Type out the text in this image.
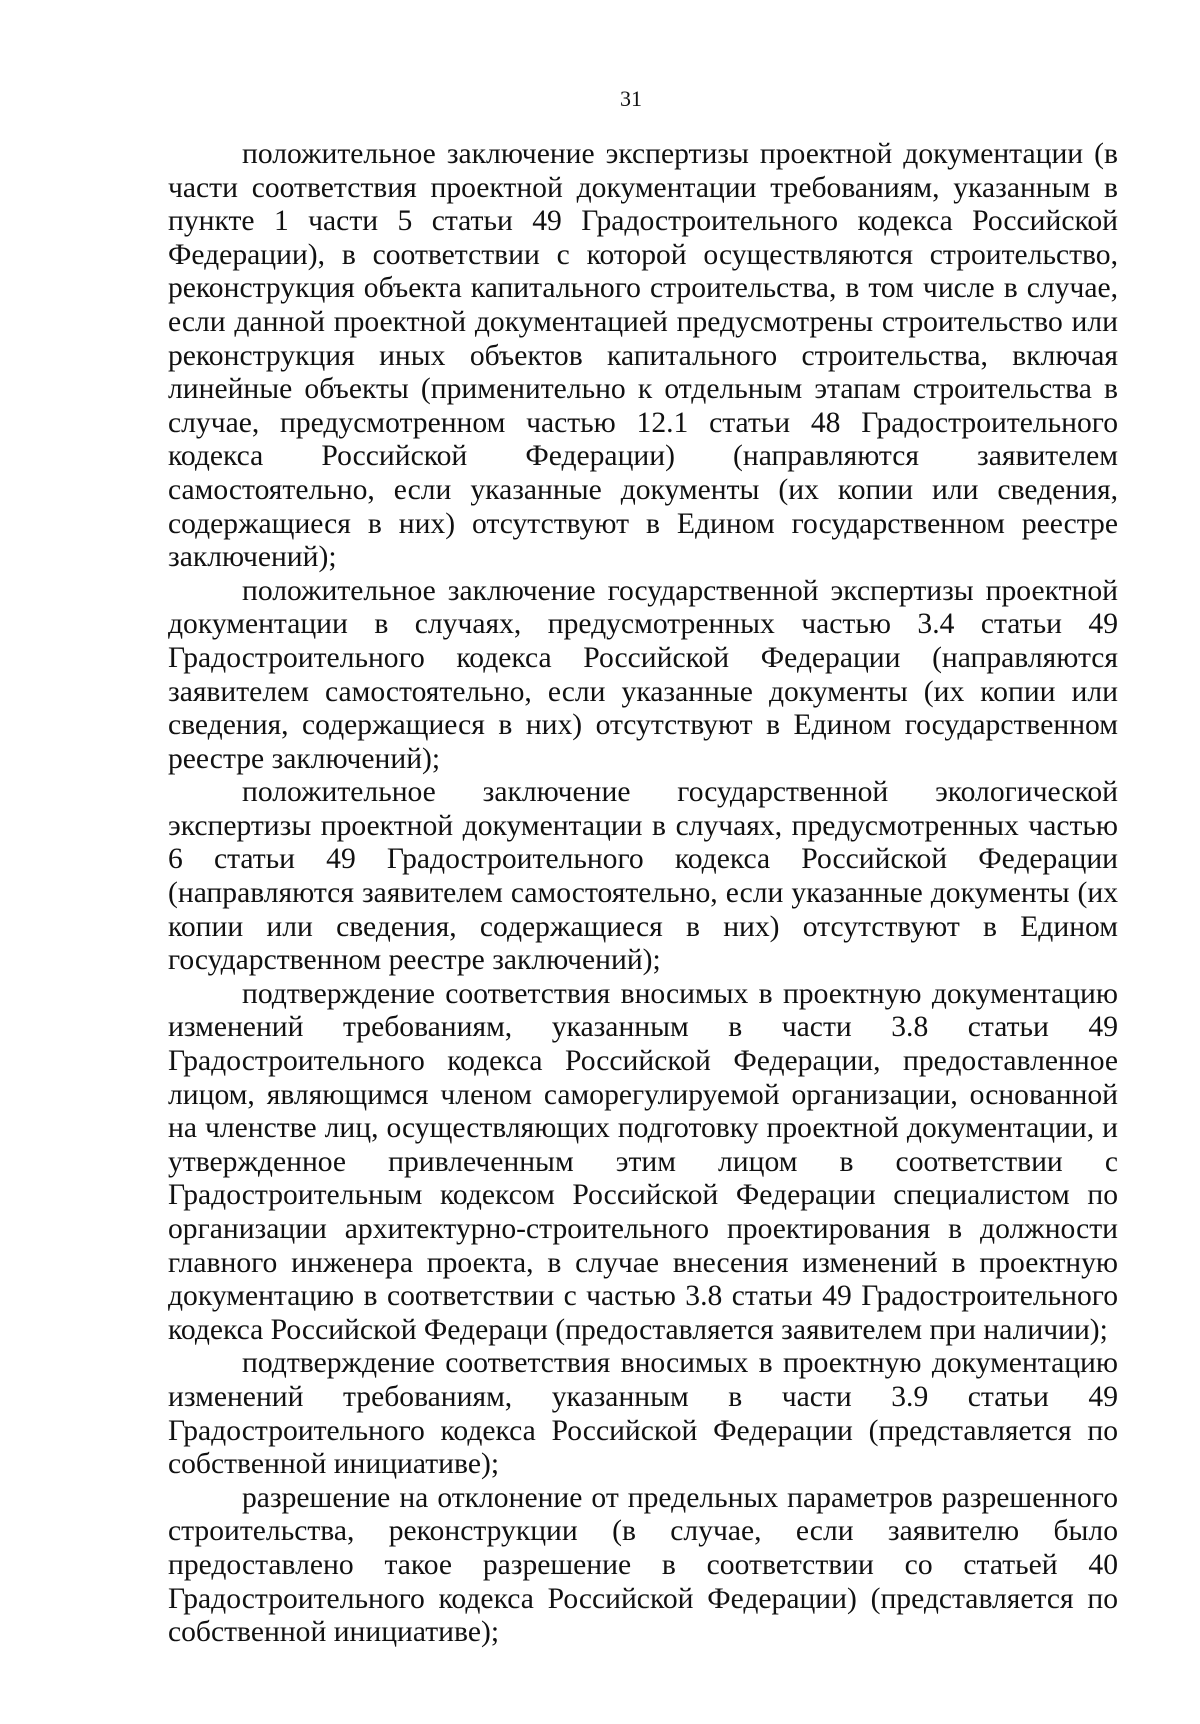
31

положительное заключение экспертизы проектной документации (в части соответствия проектной документации требованиям, указанным в пункте 1 части 5 статьи 49 Градостроительного кодекса Российской Федерации), в соответствии с которой осуществляются строительство, реконструкция объекта капитального строительства, в том числе в случае, если данной проектной документацией предусмотрены строительство или реконструкция иных объектов капитального строительства, включая линейные объекты (применительно к отдельным этапам строительства в случае, предусмотренном частью 12.1 статьи 48 Градостроительного кодекса Российской Федерации) (направляются заявителем самостоятельно, если указанные документы (их копии или сведения, содержащиеся в них) отсутствуют в Едином государственном реестре заключений);

положительное заключение государственной экспертизы проектной документации в случаях, предусмотренных частью 3.4 статьи 49 Градостроительного кодекса Российской Федерации (направляются заявителем самостоятельно, если указанные документы (их копии или сведения, содержащиеся в них) отсутствуют в Едином государственном реестре заключений);

положительное заключение государственной экологической экспертизы проектной документации в случаях, предусмотренных частью 6 статьи 49 Градостроительного кодекса Российской Федерации (направляются заявителем самостоятельно, если указанные документы (их копии или сведения, содержащиеся в них) отсутствуют в Едином государственном реестре заключений);

подтверждение соответствия вносимых в проектную документацию изменений требованиям, указанным в части 3.8 статьи 49 Градостроительного кодекса Российской Федерации, предоставленное лицом, являющимся членом саморегулируемой организации, основанной на членстве лиц, осуществляющих подготовку проектной документации, и утвержденное привлеченным этим лицом в соответствии с Градостроительным кодексом Российской Федерации специалистом по организации архитектурно-строительного проектирования в должности главного инженера проекта, в случае внесения изменений в проектную документацию в соответствии с частью 3.8 статьи 49 Градостроительного кодекса Российской Федераци (предоставляется заявителем при наличии);

подтверждение соответствия вносимых в проектную документацию изменений требованиям, указанным в части 3.9 статьи 49 Градостроительного кодекса Российской Федерации (представляется по собственной инициативе);

разрешение на отклонение от предельных параметров разрешенного строительства, реконструкции (в случае, если заявителю было предоставлено такое разрешение в соответствии со статьей 40 Градостроительного кодекса Российской Федерации) (представляется по собственной инициативе);
